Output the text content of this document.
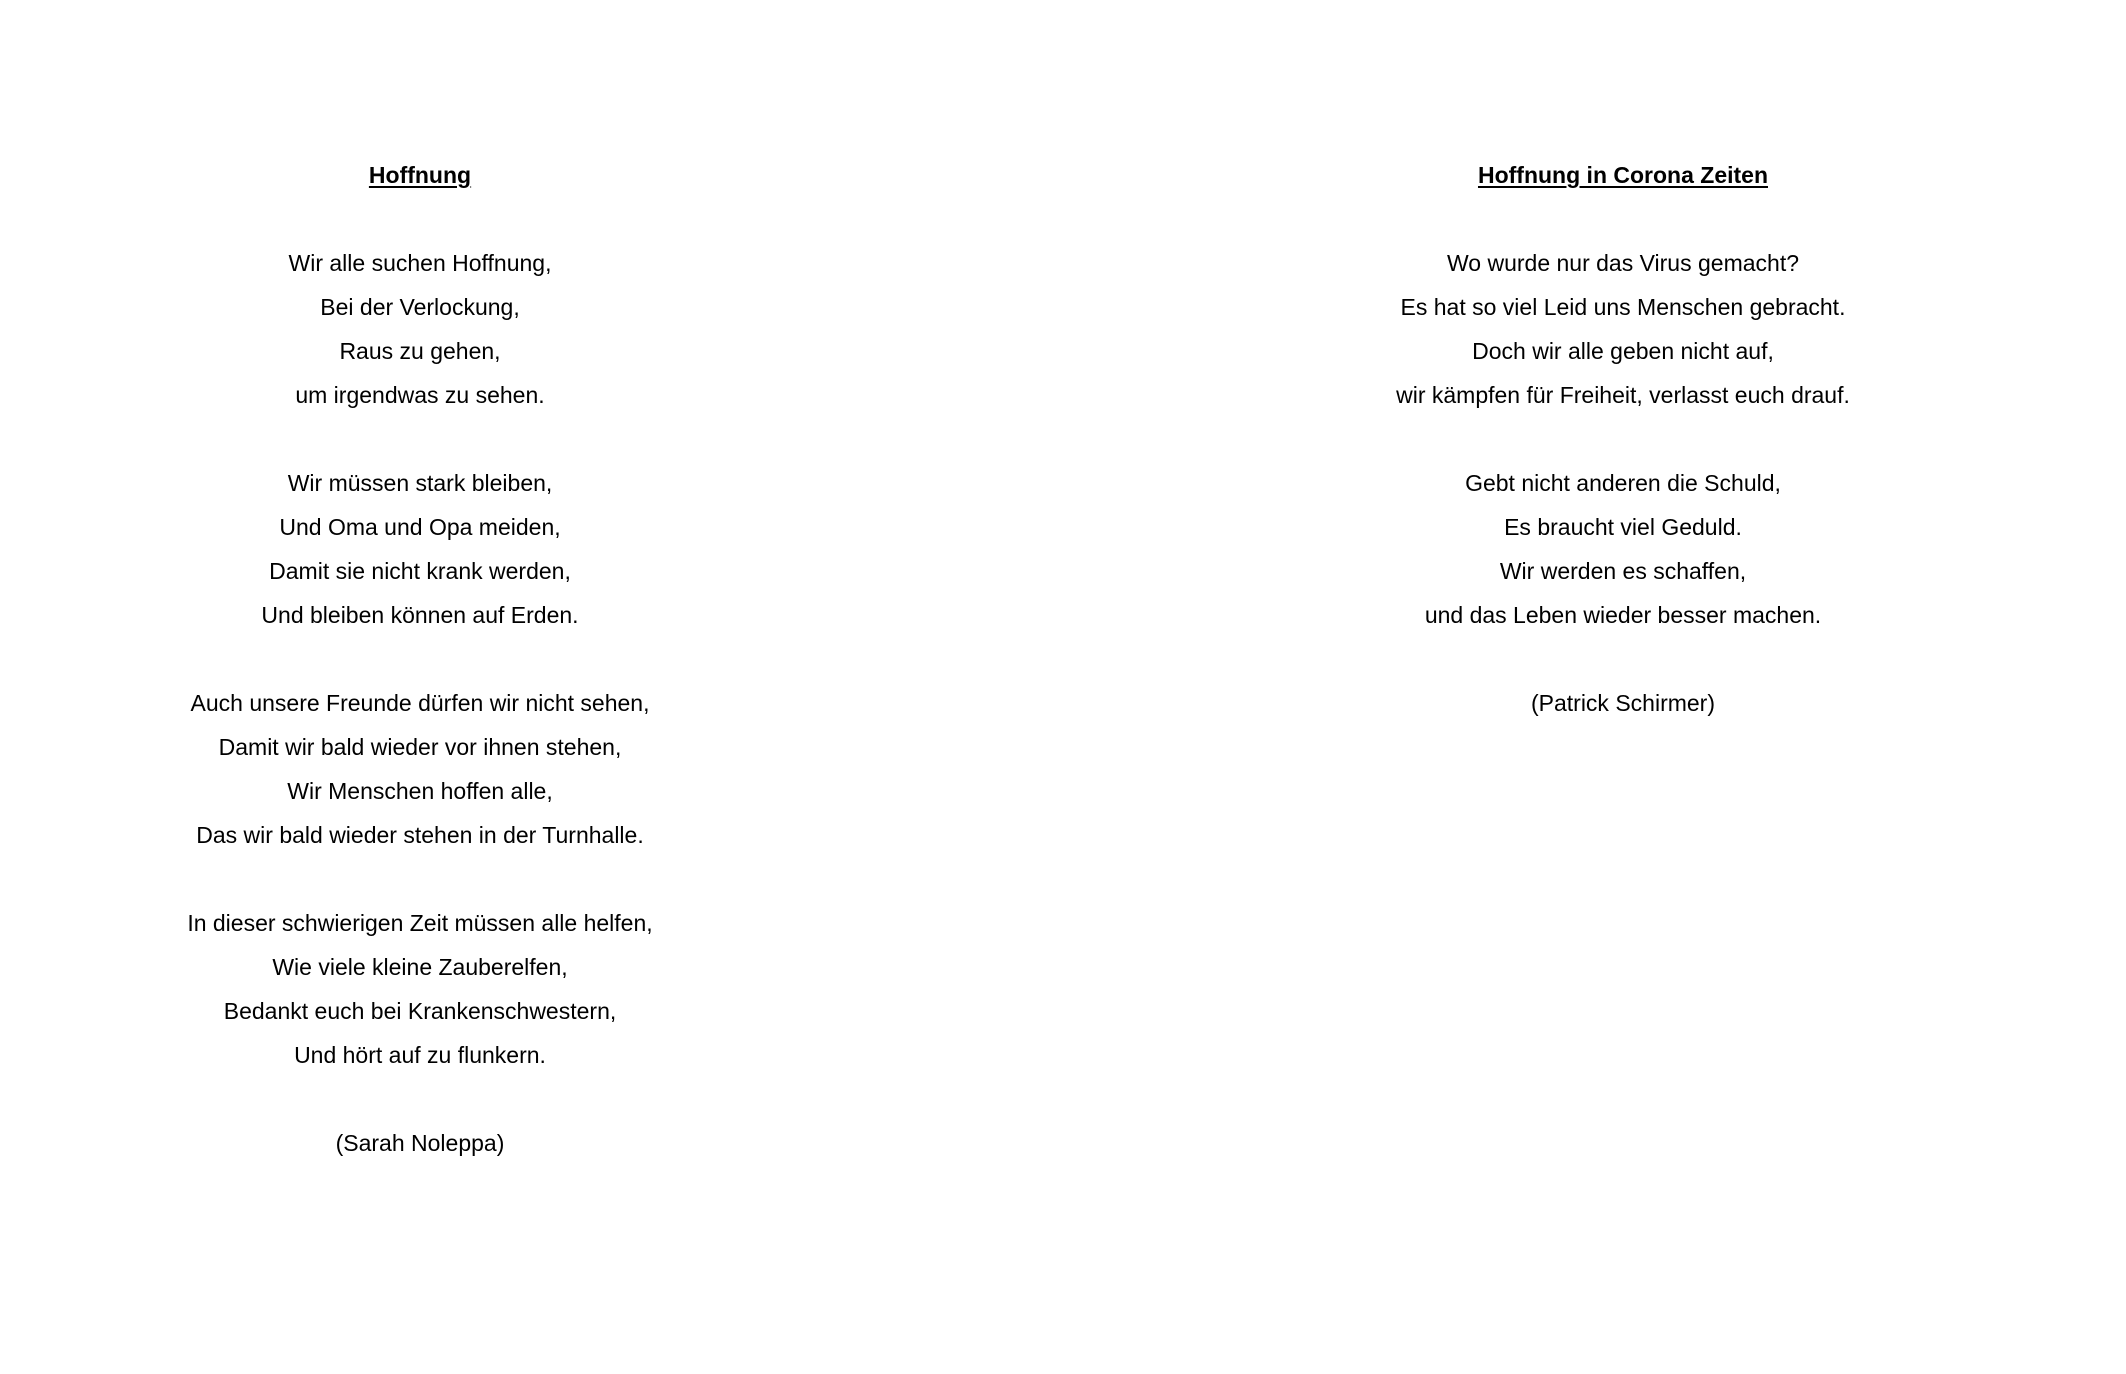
Hoffnung
Wir alle suchen Hoffnung,
Bei der Verlockung,
Raus zu gehen,
um irgendwas zu sehen.
Wir müssen stark bleiben,
Und Oma und Opa meiden,
Damit sie nicht krank werden,
Und bleiben können auf Erden.
Auch unsere Freunde dürfen wir nicht sehen,
Damit wir bald wieder vor ihnen stehen,
Wir Menschen hoffen alle,
Das wir bald wieder stehen in der Turnhalle.
In dieser schwierigen Zeit müssen alle helfen,
Wie viele kleine Zauberelfen,
Bedankt euch bei Krankenschwestern,
Und hört auf zu flunkern.
(Sarah Noleppa)
Hoffnung in Corona Zeiten
Wo wurde nur das Virus gemacht?
Es hat so viel Leid uns Menschen gebracht.
Doch wir alle geben nicht auf,
wir kämpfen für Freiheit, verlasst euch drauf.
Gebt nicht anderen die Schuld,
Es braucht viel Geduld.
Wir werden es schaffen,
und das Leben wieder besser machen.
(Patrick Schirmer)
